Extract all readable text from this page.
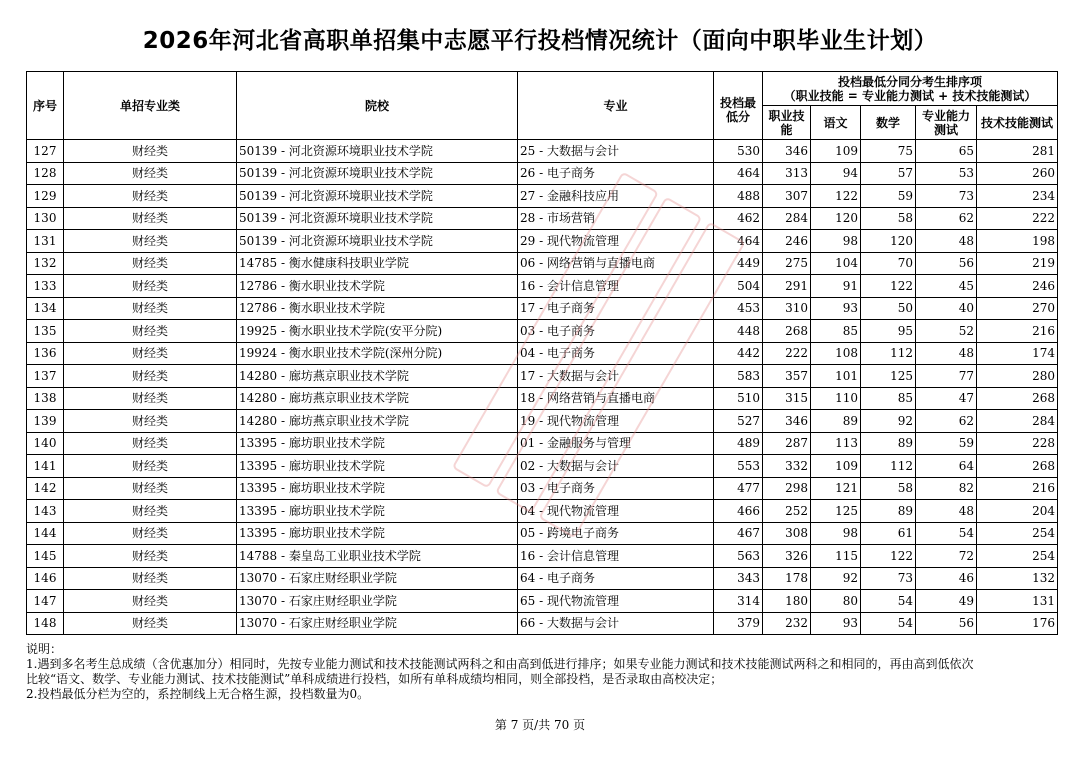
2026年河北省高职单招集中志愿平行投档情况统计（面向中职毕业生计划）
序号	单招专业类	院校	专业	投档最低分	投档最低分同分考生排序项
（职业技能 = 专业能力测试 + 技术技能测试）				

					职业技能	语文	数学	专业能力测试	技术技能测试
127	财经类	50139 - 河北资源环境职业技术学院	25 - 大数据与会计	530	346	109	75	65	281
128	财经类	50139 - 河北资源环境职业技术学院	26 - 电子商务	464	313	94	57	53	260
129	财经类	50139 - 河北资源环境职业技术学院	27 - 金融科技应用	488	307	122	59	73	234
130	财经类	50139 - 河北资源环境职业技术学院	28 - 市场营销	462	284	120	58	62	222
131	财经类	50139 - 河北资源环境职业技术学院	29 - 现代物流管理	464	246	98	120	48	198
132	财经类	14785 - 衡水健康科技职业学院	06 - 网络营销与直播电商	449	275	104	70	56	219
133	财经类	12786 - 衡水职业技术学院	16 - 会计信息管理	504	291	91	122	45	246
134	财经类	12786 - 衡水职业技术学院	17 - 电子商务	453	310	93	50	40	270
135	财经类	19925 - 衡水职业技术学院(安平分院)	03 - 电子商务	448	268	85	95	52	216
136	财经类	19924 - 衡水职业技术学院(深州分院)	04 - 电子商务	442	222	108	112	48	174
137	财经类	14280 - 廊坊燕京职业技术学院	17 - 大数据与会计	583	357	101	125	77	280
138	财经类	14280 - 廊坊燕京职业技术学院	18 - 网络营销与直播电商	510	315	110	85	47	268
139	财经类	14280 - 廊坊燕京职业技术学院	19 - 现代物流管理	527	346	89	92	62	284
140	财经类	13395 - 廊坊职业技术学院	01 - 金融服务与管理	489	287	113	89	59	228
141	财经类	13395 - 廊坊职业技术学院	02 - 大数据与会计	553	332	109	112	64	268
142	财经类	13395 - 廊坊职业技术学院	03 - 电子商务	477	298	121	58	82	216
143	财经类	13395 - 廊坊职业技术学院	04 - 现代物流管理	466	252	125	89	48	204
144	财经类	13395 - 廊坊职业技术学院	05 - 跨境电子商务	467	308	98	61	54	254
145	财经类	14788 - 秦皇岛工业职业技术学院	16 - 会计信息管理	563	326	115	122	72	254
146	财经类	13070 - 石家庄财经职业学院	64 - 电子商务	343	178	92	73	46	132
147	财经类	13070 - 石家庄财经职业学院	65 - 现代物流管理	314	180	80	54	49	131
148	财经类	13070 - 石家庄财经职业学院	66 - 大数据与会计	379	232	93	54	56	176
说明：
1.遇到多名考生总成绩（含优惠加分）相同时，先按专业能力测试和技术技能测试两科之和由高到低进行排序；如果专业能力测试和技术技能测试两科之和相同的，再由高到低依次
比较“语文、数学、专业能力测试、技术技能测试”单科成绩进行投档，如所有单科成绩均相同，则全部投档，是否录取由高校决定；
2.投档最低分栏为空的，系控制线上无合格生源，投档数量为0。
第 7 页/共 70 页
